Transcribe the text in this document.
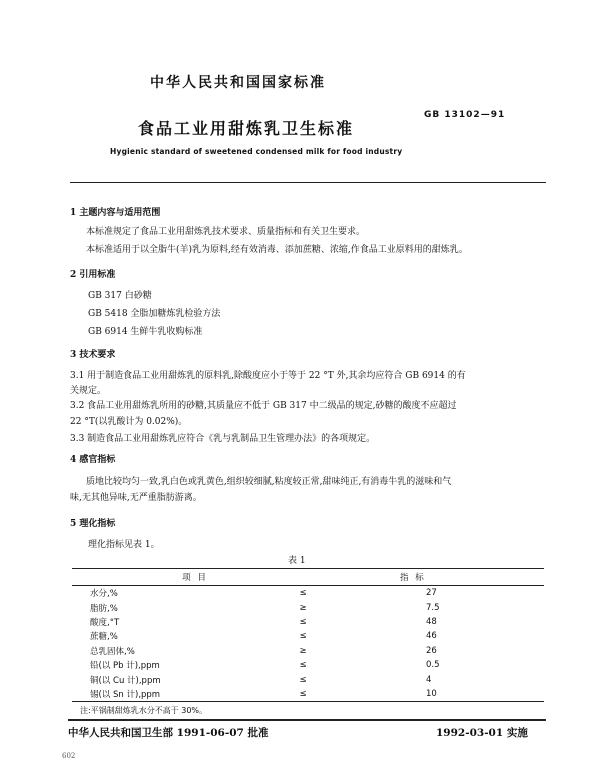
中华人民共和国国家标准
GB 13102—91
食品工业用甜炼乳卫生标准
Hygienic standard of sweetened condensed milk for food industry
1 主题内容与适用范围
本标准规定了食品工业用甜炼乳技术要求、质量指标和有关卫生要求。
本标准适用于以全脂牛(羊)乳为原料,经有效消毒、添加蔗糖、浓缩,作食品工业原料用的甜炼乳。
2 引用标准
GB 317 白砂糖
GB 5418 全脂加糖炼乳检验方法
GB 6914 生鲜牛乳收购标准
3 技术要求
3.1 用于制造食品工业用甜炼乳的原料乳,除酸度应小于等于 22 °T 外,其余均应符合 GB 6914 的有
关规定。
3.2 食品工业用甜炼乳所用的砂糖,其质量应不低于 GB 317 中二级品的规定,砂糖的酸度不应超过
22 °T(以乳酸计为 0.02%)。
3.3 制造食品工业用甜炼乳应符合《乳与乳制品卫生管理办法》的各项规定。
4 感官指标
质地比较均匀一致,乳白色或乳黄色,组织较细腻,粘度较正常,甜味纯正,有消毒牛乳的滋味和气
味,无其他异味,无严重脂肪游离。
5 理化指标
理化指标见表 1。
表 1
项 目		指 标
水分,%	≤	27
脂肪,%	≥	7.5
酸度,°T	≤	48
蔗糖,%	≤	46
总乳固体,%	≥	26
铅(以 Pb 计),ppm	≤	0.5
铜(以 Cu 计),ppm	≤	4
锡(以 Sn 计),ppm	≤	10
注:平锅制甜炼乳水分不高于 30%。
中华人民共和国卫生部 1991-06-07 批准	1992-03-01 实施
602
